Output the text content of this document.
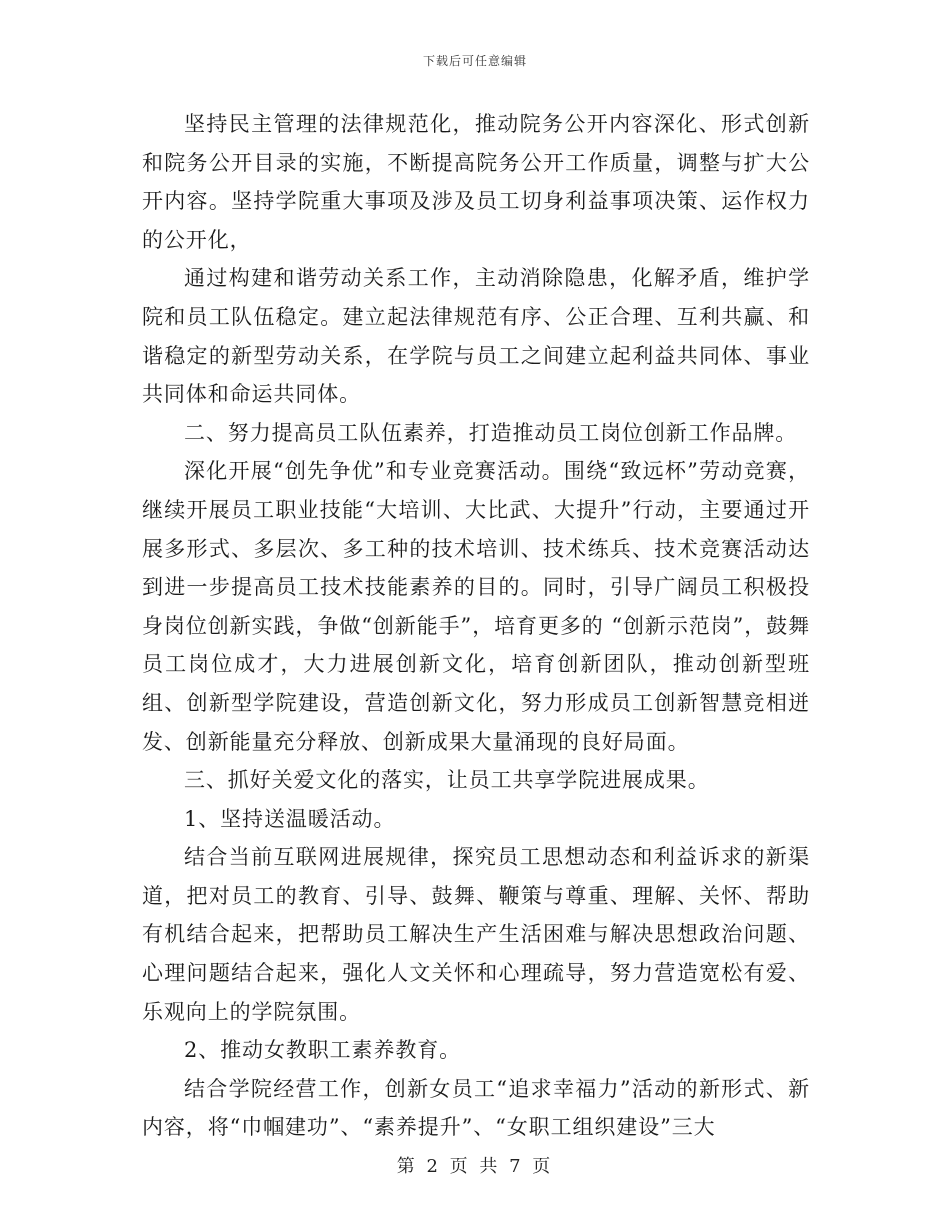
下载后可任意编辑

坚持民主管理的法律规范化，推动院务公开内容深化、形式创新和院务公开目录的实施，不断提高院务公开工作质量，调整与扩大公开内容。坚持学院重大事项及涉及员工切身利益事项决策、运作权力的公开化，

通过构建和谐劳动关系工作，主动消除隐患，化解矛盾，维护学院和员工队伍稳定。建立起法律规范有序、公正合理、互利共赢、和谐稳定的新型劳动关系，在学院与员工之间建立起利益共同体、事业共同体和命运共同体。

二、努力提高员工队伍素养，打造推动员工岗位创新工作品牌。

深化开展“创先争优”和专业竞赛活动。围绕“致远杯”劳动竞赛，继续开展员工职业技能“大培训、大比武、大提升”行动，主要通过开展多形式、多层次、多工种的技术培训、技术练兵、技术竞赛活动达到进一步提高员工技术技能素养的目的。同时，引导广阔员工积极投身岗位创新实践，争做“创新能手”，培育更多的 “创新示范岗”，鼓舞员工岗位成才，大力进展创新文化，培育创新团队，推动创新型班组、创新型学院建设，营造创新文化，努力形成员工创新智慧竞相迸发、创新能量充分释放、创新成果大量涌现的良好局面。

三、抓好关爱文化的落实，让员工共享学院进展成果。

1、坚持送温暖活动。

结合当前互联网进展规律，探究员工思想动态和利益诉求的新渠道，把对员工的教育、引导、鼓舞、鞭策与尊重、理解、关怀、帮助有机结合起来，把帮助员工解决生产生活困难与解决思想政治问题、心理问题结合起来，强化人文关怀和心理疏导，努力营造宽松有爱、乐观向上的学院氛围。

2、推动女教职工素养教育。

结合学院经营工作，创新女员工“追求幸福力”活动的新形式、新内容，将“巾帼建功”、“素养提升”、“女职工组织建设”三大

第 2 页 共 7 页
